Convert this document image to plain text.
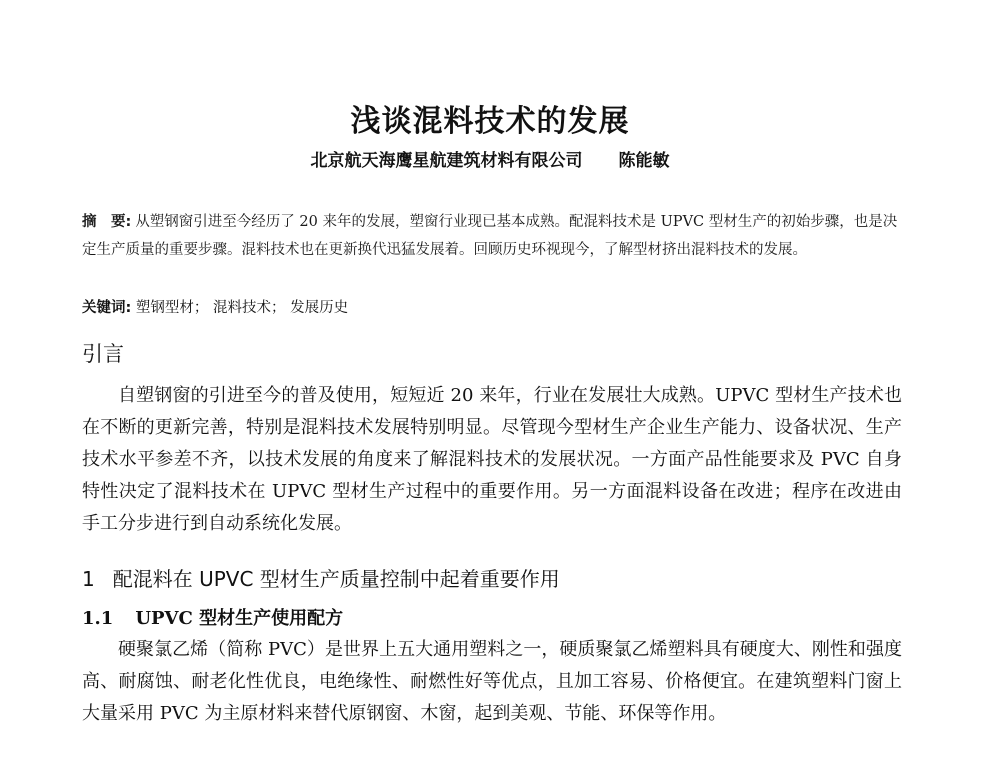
浅谈混料技术的发展
北京航天海鹰星航建筑材料有限公司 陈能敏
摘　要: 从塑钢窗引进至今经历了 20 来年的发展，塑窗行业现已基本成熟。配混料技术是 UPVC 型材生产的初始步骤，也是决定生产质量的重要步骤。混料技术也在更新换代迅猛发展着。回顾历史环视现今，了解型材挤出混料技术的发展。
关键词: 塑钢型材； 混料技术； 发展历史
引言

自塑钢窗的引进至今的普及使用，短短近 20 来年，行业在发展壮大成熟。UPVC 型材生产技术也在不断的更新完善，特别是混料技术发展特别明显。尽管现今型材生产企业生产能力、设备状况、生产技术水平参差不齐，以技术发展的角度来了解混料技术的发展状况。一方面产品性能要求及 PVC 自身特性决定了混料技术在 UPVC 型材生产过程中的重要作用。另一方面混料设备在改进；程序在改进由手工分步进行到自动系统化发展。

1 配混料在 UPVC 型材生产质量控制中起着重要作用
1.1 UPVC 型材生产使用配方

硬聚氯乙烯（简称 PVC）是世界上五大通用塑料之一，硬质聚氯乙烯塑料具有硬度大、刚性和强度高、耐腐蚀、耐老化性优良，电绝缘性、耐燃性好等优点，且加工容易、价格便宜。在建筑塑料门窗上大量采用 PVC 为主原材料来替代原钢窗、木窗，起到美观、节能、环保等作用。
